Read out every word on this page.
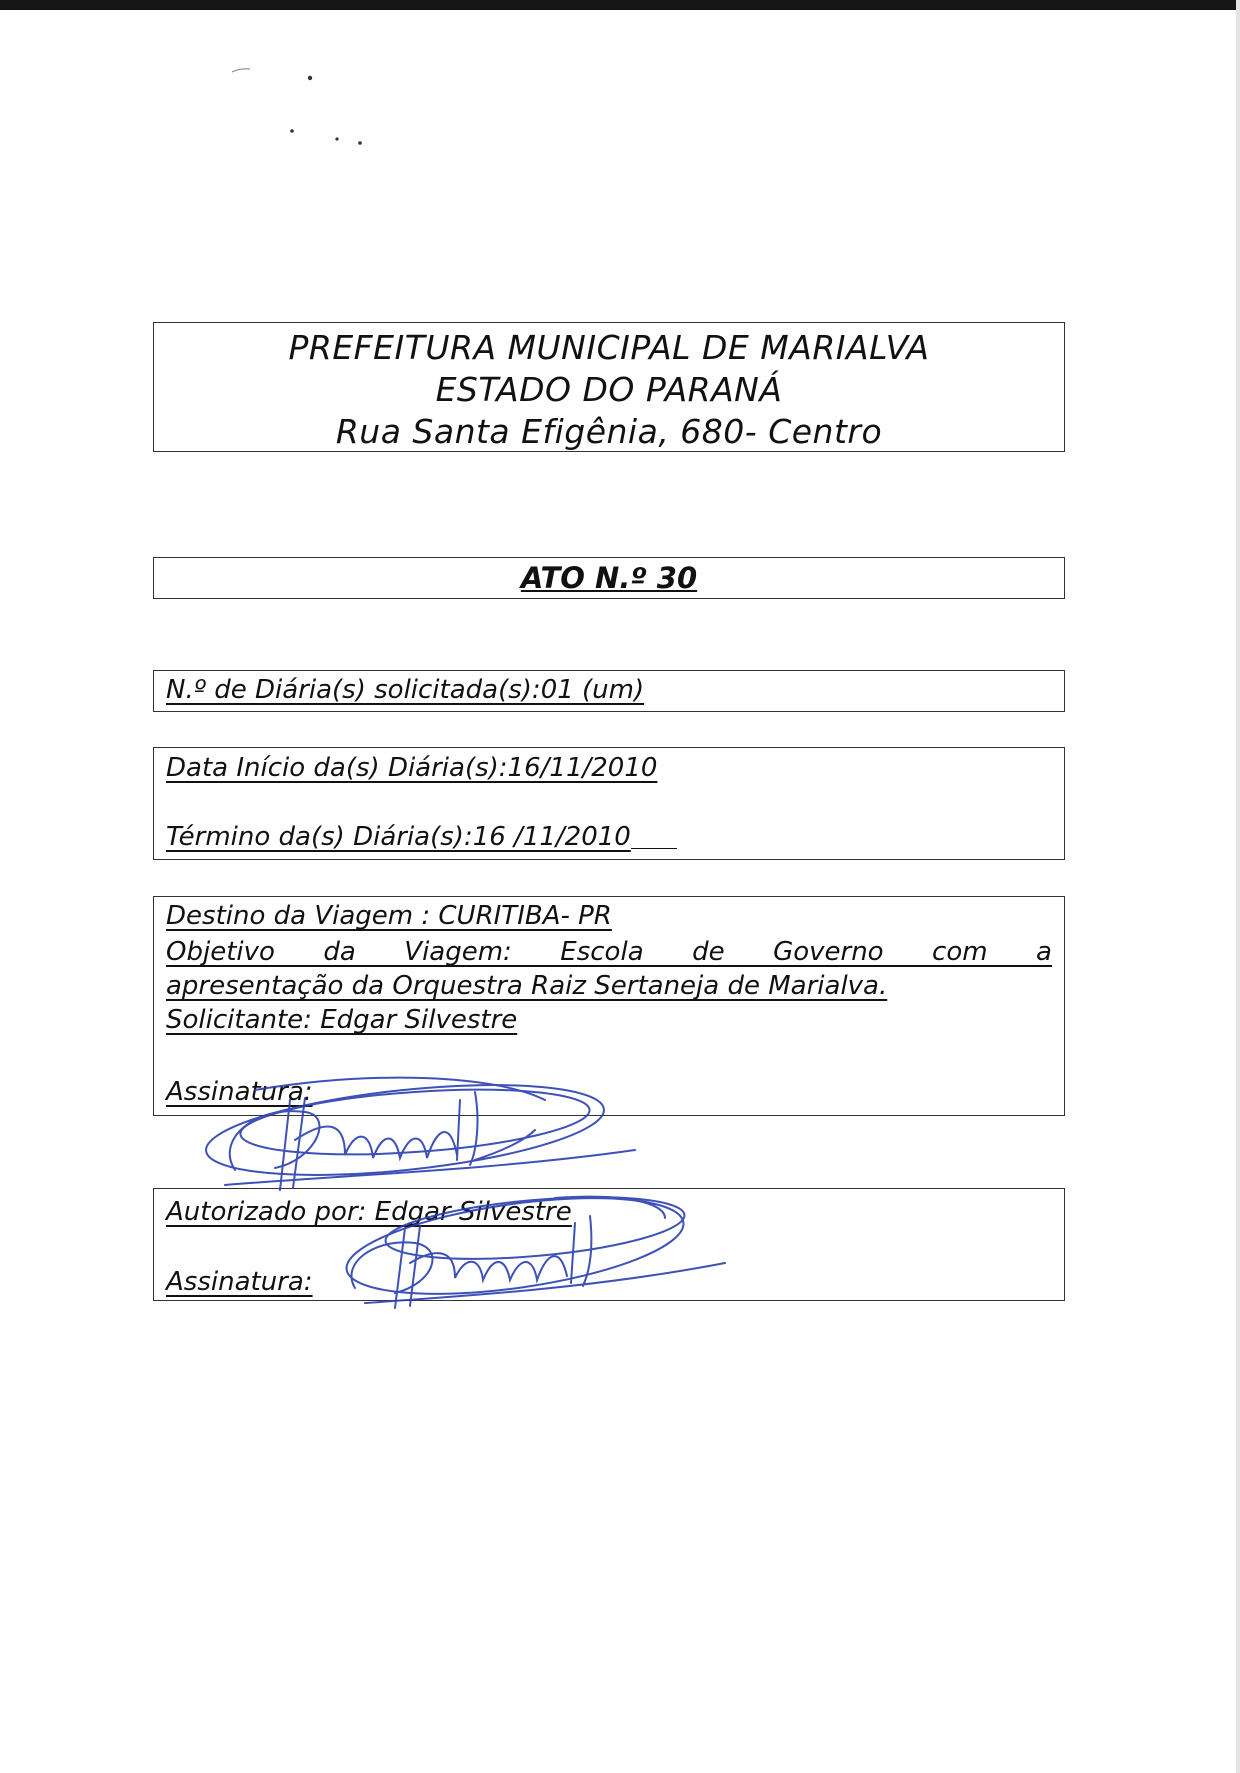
PREFEITURA MUNICIPAL DE MARIALVA
ESTADO DO PARANÁ
Rua Santa Efigênia, 680- Centro
ATO N.º 30
N.º de Diária(s) solicitada(s):01 (um)
Data Início da(s) Diária(s):16/11/2010
Término da(s) Diária(s):16 /11/2010
Destino da Viagem : CURITIBA- PR
Objetivo da Viagem: Escola de Governo com a
apresentação da Orquestra Raiz Sertaneja de Marialva.
Solicitante: Edgar Silvestre
Assinatura:
Autorizado por: Edgar Silvestre
Assinatura:
